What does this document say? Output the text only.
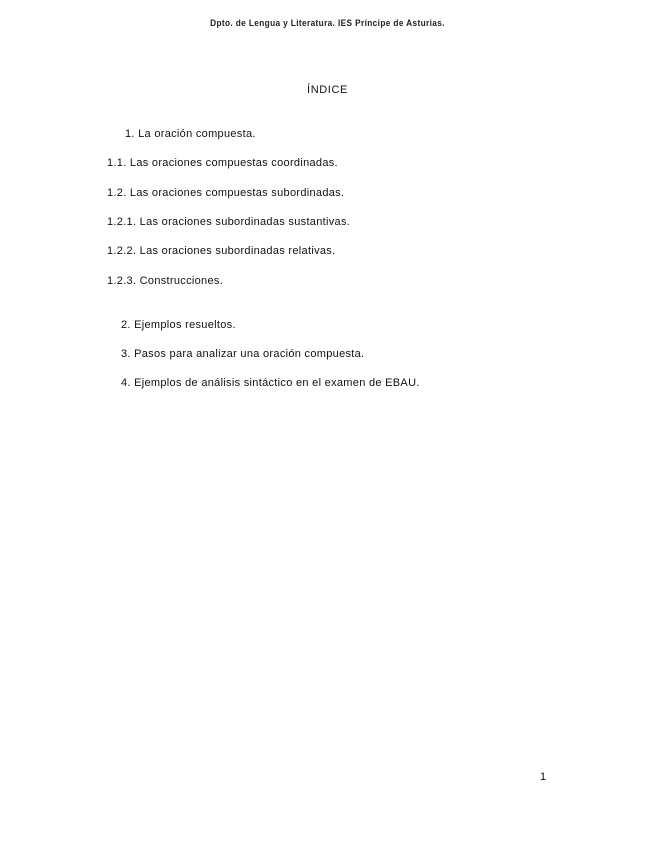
Dpto. de Lengua y Literatura. IES Príncipe de Asturias.
ÍNDICE
1. La oración compuesta.
1.1. Las oraciones compuestas coordinadas.
1.2. Las oraciones compuestas subordinadas.
1.2.1. Las oraciones subordinadas sustantivas.
1.2.2. Las oraciones subordinadas relativas.
1.2.3. Construcciones.
2. Ejemplos resueltos.
3. Pasos para analizar una oración compuesta.
4. Ejemplos de análisis sintáctico en el examen de EBAU.
1
